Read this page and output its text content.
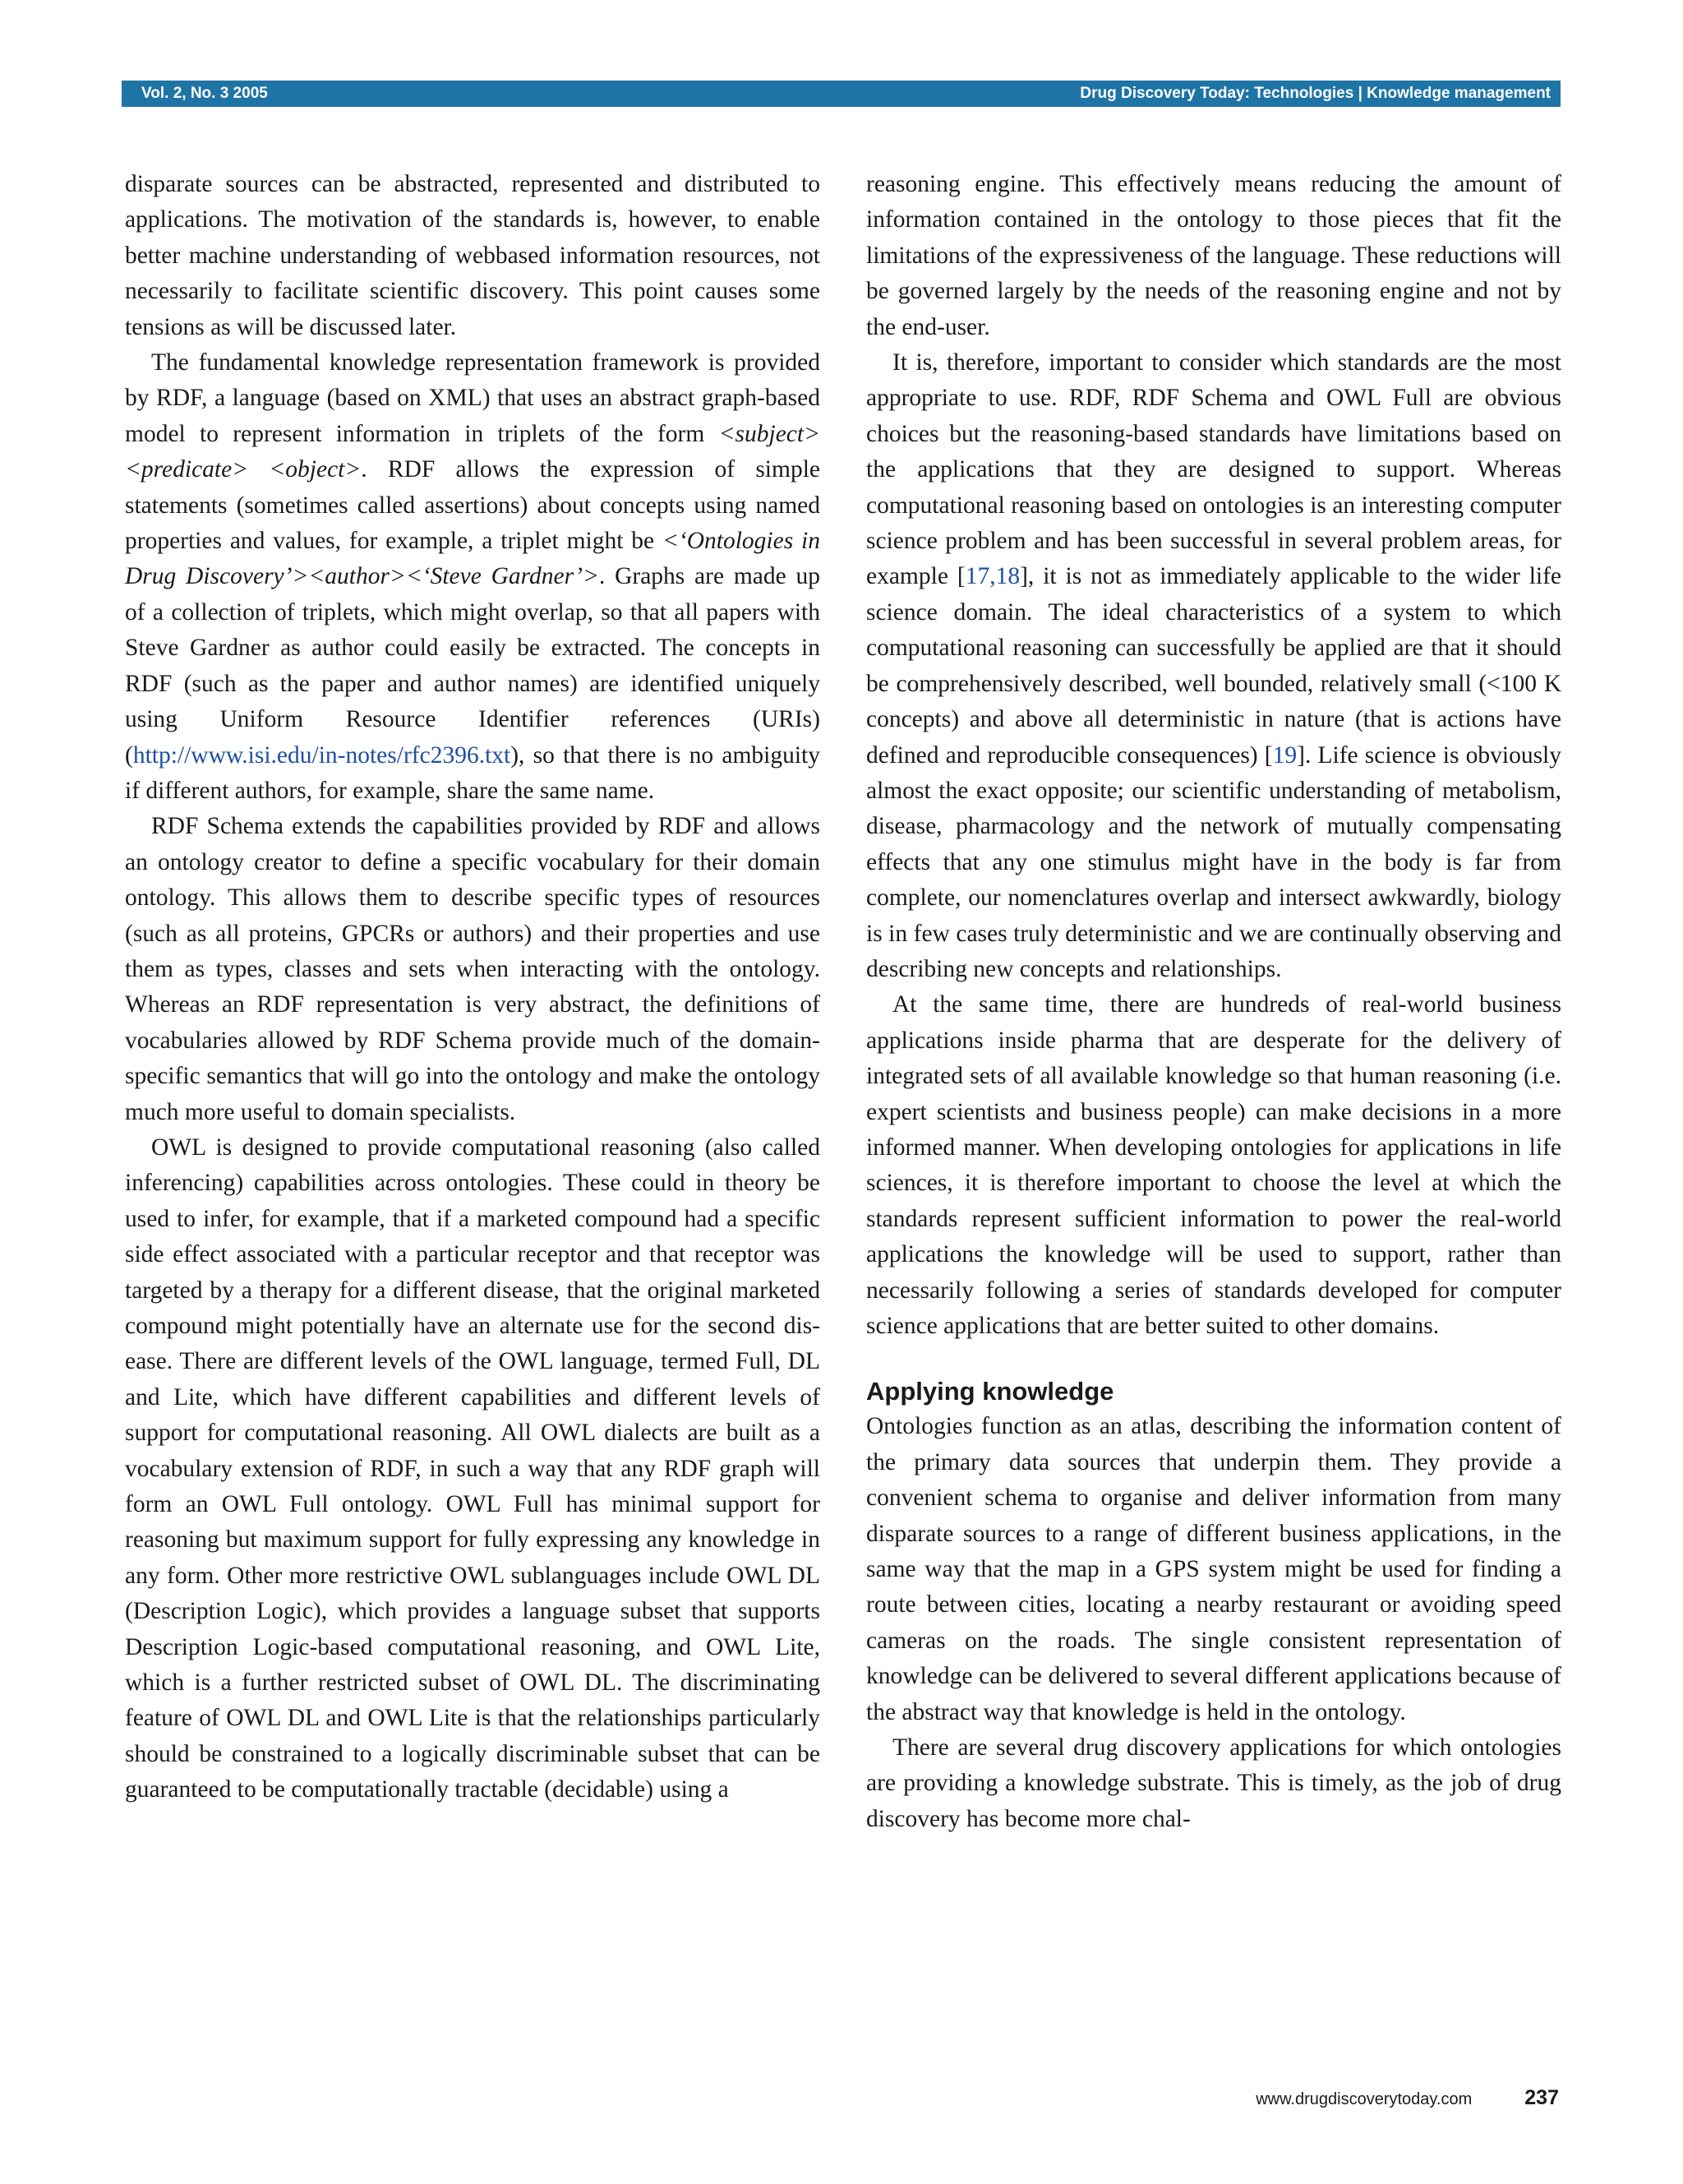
Vol. 2, No. 3 2005	Drug Discovery Today: Technologies | Knowledge management

disparate sources can be abstracted, represented and distributed to applications. The motivation of the standards is, however, to enable better machine understanding of webbased information resources, not necessarily to facilitate scientific discovery. This point causes some tensions as will be discussed later.

The fundamental knowledge representation framework is provided by RDF, a language (based on XML) that uses an abstract graph-based model to represent information in triplets of the form <subject> <predicate> <object>. RDF allows the expression of simple statements (sometimes called assertions) about concepts using named properties and values, for example, a triplet might be <‘Ontologies in Drug Discovery’><author><‘Steve Gardner’>. Graphs are made up of a collection of triplets, which might overlap, so that all papers with Steve Gardner as author could easily be extracted. The concepts in RDF (such as the paper and author names) are identified uniquely using Uniform Resource Identifier references (URIs) (http://www.isi.edu/in-notes/rfc2396.txt), so that there is no ambiguity if different authors, for example, share the same name.

RDF Schema extends the capabilities provided by RDF and allows an ontology creator to define a specific vocabulary for their domain ontology. This allows them to describe specific types of resources (such as all proteins, GPCRs or authors) and their properties and use them as types, classes and sets when interacting with the ontology. Whereas an RDF representation is very abstract, the definitions of vocabularies allowed by RDF Schema provide much of the domain-specific semantics that will go into the ontology and make the ontology much more useful to domain specialists.

OWL is designed to provide computational reasoning (also called inferencing) capabilities across ontologies. These could in theory be used to infer, for example, that if a marketed compound had a specific side effect associated with a particular receptor and that receptor was targeted by a therapy for a different disease, that the original marketed compound might potentially have an alternate use for the second disease. There are different levels of the OWL language, termed Full, DL and Lite, which have different capabilities and different levels of support for computational reasoning. All OWL dialects are built as a vocabulary extension of RDF, in such a way that any RDF graph will form an OWL Full ontology. OWL Full has minimal support for reasoning but maximum support for fully expressing any knowledge in any form. Other more restrictive OWL sublanguages include OWL DL (Description Logic), which provides a language subset that supports Description Logic-based computational reasoning, and OWL Lite, which is a further restricted subset of OWL DL. The discriminating feature of OWL DL and OWL Lite is that the relationships particularly should be constrained to a logically discriminable subset that can be guaranteed to be computationally tractable (decidable) using a

reasoning engine. This effectively means reducing the amount of information contained in the ontology to those pieces that fit the limitations of the expressiveness of the language. These reductions will be governed largely by the needs of the reasoning engine and not by the end-user.

It is, therefore, important to consider which standards are the most appropriate to use. RDF, RDF Schema and OWL Full are obvious choices but the reasoning-based standards have limitations based on the applications that they are designed to support. Whereas computational reasoning based on ontologies is an interesting computer science problem and has been successful in several problem areas, for example [17,18], it is not as immediately applicable to the wider life science domain. The ideal characteristics of a system to which computational reasoning can successfully be applied are that it should be comprehensively described, well bounded, relatively small (<100 K concepts) and above all deterministic in nature (that is actions have defined and reproducible consequences) [19]. Life science is obviously almost the exact opposite; our scientific understanding of metabolism, disease, pharmacology and the network of mutually compensating effects that any one stimulus might have in the body is far from complete, our nomenclatures overlap and intersect awkwardly, biology is in few cases truly deterministic and we are continually observing and describing new concepts and relationships.

At the same time, there are hundreds of real-world business applications inside pharma that are desperate for the delivery of integrated sets of all available knowledge so that human reasoning (i.e. expert scientists and business people) can make decisions in a more informed manner. When developing ontologies for applications in life sciences, it is therefore important to choose the level at which the standards represent sufficient information to power the real-world applications the knowledge will be used to support, rather than necessarily following a series of standards developed for computer science applications that are better suited to other domains.

Applying knowledge

Ontologies function as an atlas, describing the information content of the primary data sources that underpin them. They provide a convenient schema to organise and deliver information from many disparate sources to a range of different business applications, in the same way that the map in a GPS system might be used for finding a route between cities, locating a nearby restaurant or avoiding speed cameras on the roads. The single consistent representation of knowledge can be delivered to several different applications because of the abstract way that knowledge is held in the ontology.

There are several drug discovery applications for which ontologies are providing a knowledge substrate. This is timely, as the job of drug discovery has become more chal-

www.drugdiscoverytoday.com	237
